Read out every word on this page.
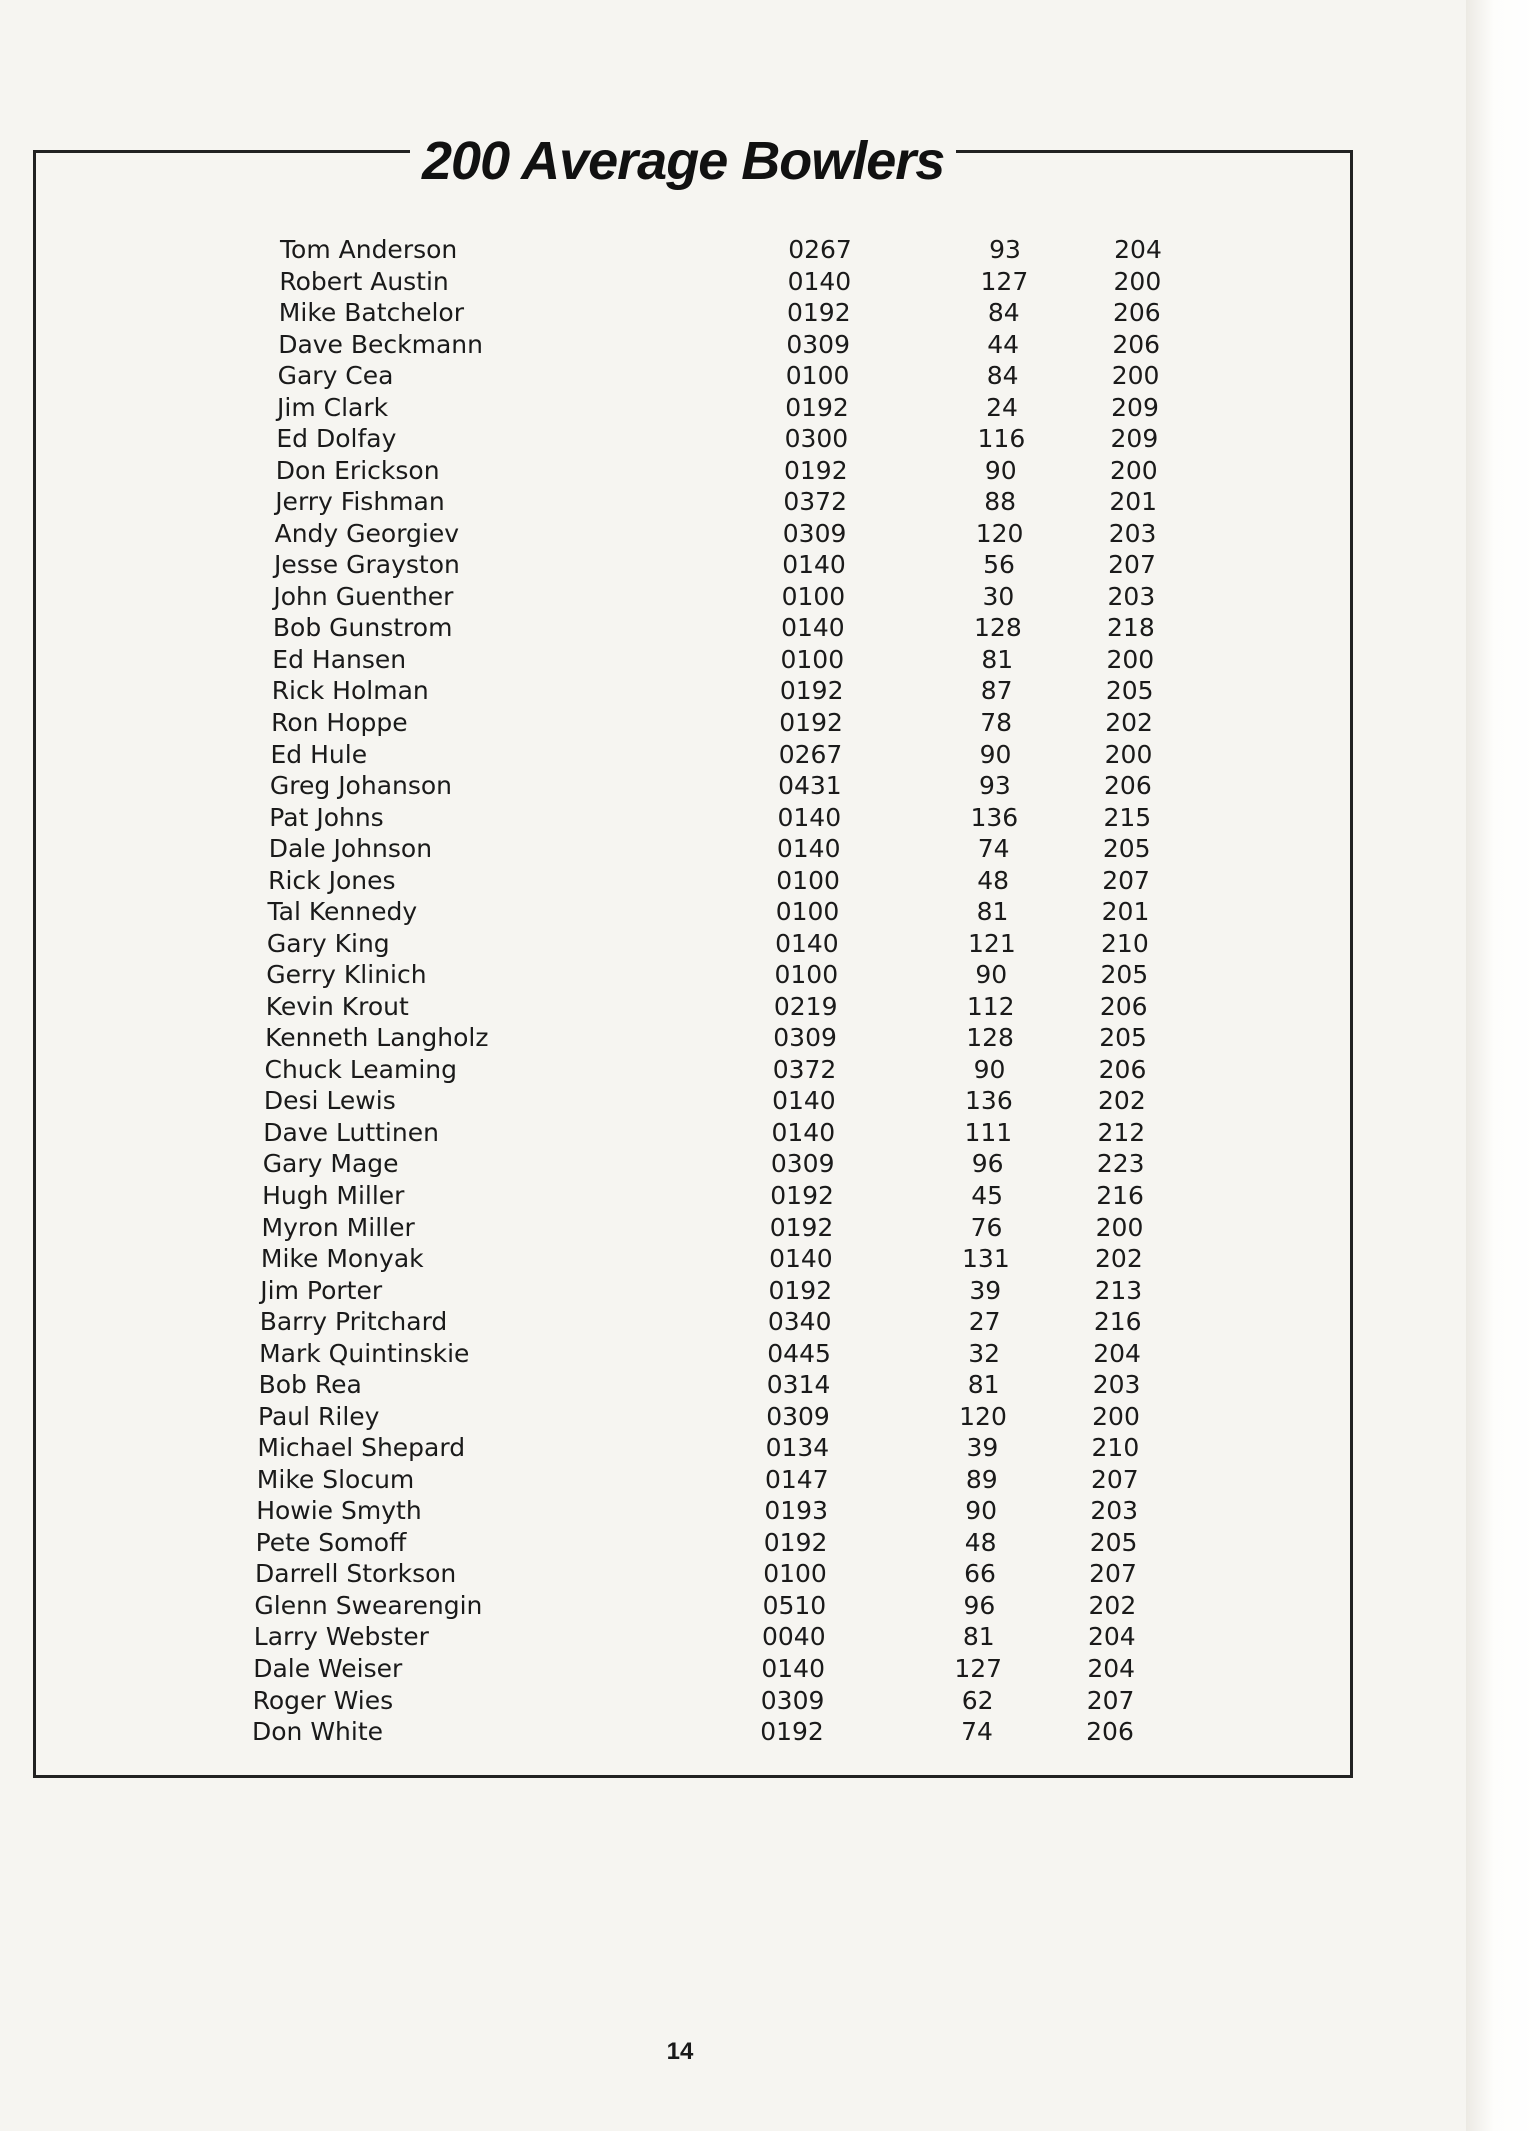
200 Average Bowlers
Tom Anderson	0267	93	204
Robert Austin	0140	127	200
Mike Batchelor	0192	84	206
Dave Beckmann	0309	44	206
Gary Cea	0100	84	200
Jim Clark	0192	24	209
Ed Dolfay	0300	116	209
Don Erickson	0192	90	200
Jerry Fishman	0372	88	201
Andy Georgiev	0309	120	203
Jesse Grayston	0140	56	207
John Guenther	0100	30	203
Bob Gunstrom	0140	128	218
Ed Hansen	0100	81	200
Rick Holman	0192	87	205
Ron Hoppe	0192	78	202
Ed Hule	0267	90	200
Greg Johanson	0431	93	206
Pat Johns	0140	136	215
Dale Johnson	0140	74	205
Rick Jones	0100	48	207
Tal Kennedy	0100	81	201
Gary King	0140	121	210
Gerry Klinich	0100	90	205
Kevin Krout	0219	112	206
Kenneth Langholz	0309	128	205
Chuck Leaming	0372	90	206
Desi Lewis	0140	136	202
Dave Luttinen	0140	111	212
Gary Mage	0309	96	223
Hugh Miller	0192	45	216
Myron Miller	0192	76	200
Mike Monyak	0140	131	202
Jim Porter	0192	39	213
Barry Pritchard	0340	27	216
Mark Quintinskie	0445	32	204
Bob Rea	0314	81	203
Paul Riley	0309	120	200
Michael Shepard	0134	39	210
Mike Slocum	0147	89	207
Howie Smyth	0193	90	203
Pete Somoff	0192	48	205
Darrell Storkson	0100	66	207
Glenn Swearengin	0510	96	202
Larry Webster	0040	81	204
Dale Weiser	0140	127	204
Roger Wies	0309	62	207
Don White	0192	74	206
14
